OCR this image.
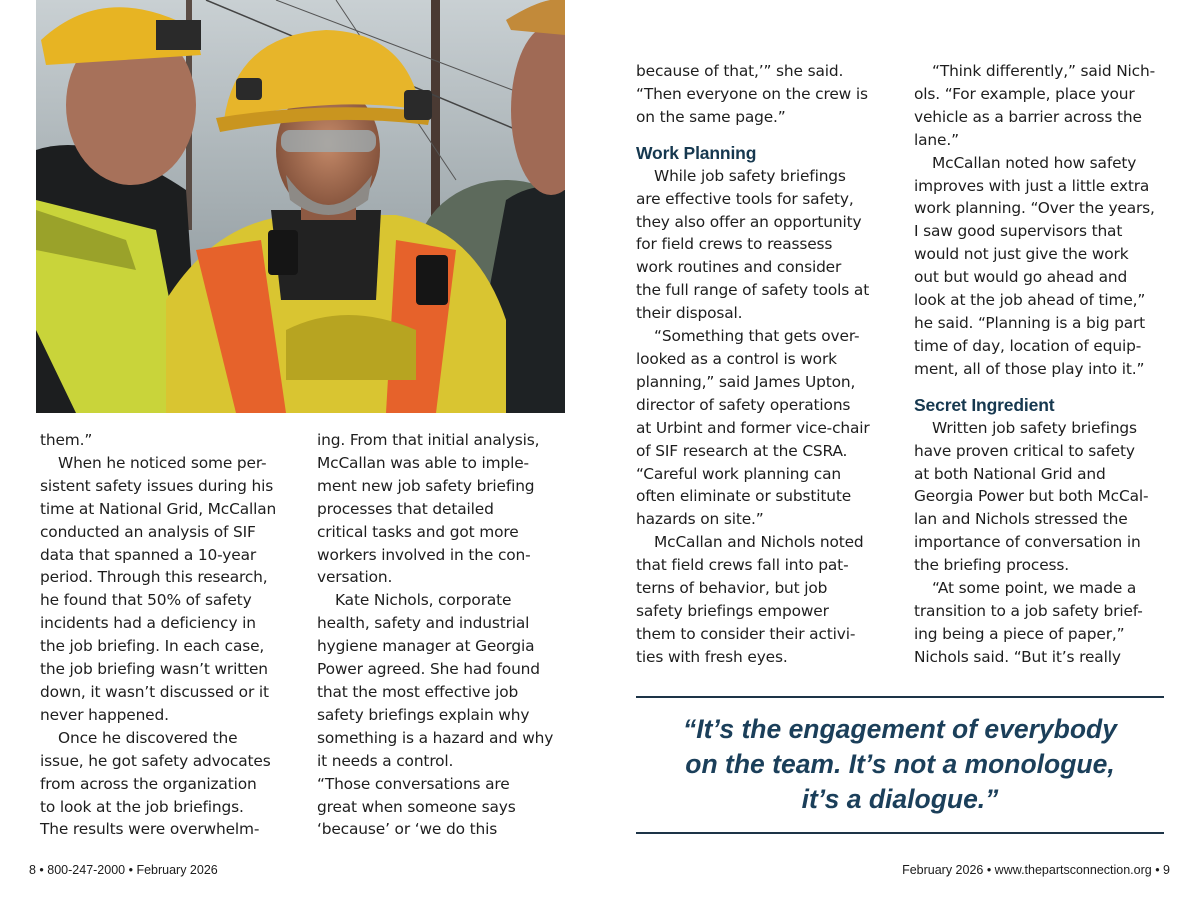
them.”

When he noticed some per-

sistent safety issues during his

time at National Grid, McCallan

conducted an analysis of SIF

data that spanned a 10-year

period. Through this research,

he found that 50% of safety

incidents had a deficiency in

the job briefing. In each case,

the job briefing wasn’t written

down, it wasn’t discussed or it

never happened.

Once he discovered the

issue, he got safety advocates

from across the organization

to look at the job briefings.

The results were overwhelm-

ing. From that initial analysis,

McCallan was able to imple-

ment new job safety briefing

processes that detailed

critical tasks and got more

workers involved in the con-

versation.

Kate Nichols, corporate

health, safety and industrial

hygiene manager at Georgia

Power agreed. She had found

that the most effective job

safety briefings explain why

something is a hazard and why

it needs a control.

“Those conversations are

great when someone says

‘because’ or ‘we do this

because of that,’” she said.

“Then everyone on the crew is

on the same page.”

Work Planning

While job safety briefings

are effective tools for safety,

they also offer an opportunity

for field crews to reassess

work routines and consider

the full range of safety tools at

their disposal.

“Something that gets over-

looked as a control is work

planning,” said James Upton,

director of safety operations

at Urbint and former vice-chair

of SIF research at the CSRA.

“Careful work planning can

often eliminate or substitute

hazards on site.”

McCallan and Nichols noted

that field crews fall into pat-

terns of behavior, but job

safety briefings empower

them to consider their activi-

ties with fresh eyes.

“Think differently,” said Nich-

ols. “For example, place your

vehicle as a barrier across the

lane.”

McCallan noted how safety

improves with just a little extra

work planning. “Over the years,

I saw good supervisors that

would not just give the work

out but would go ahead and

look at the job ahead of time,”

he said. “Planning is a big part

time of day, location of equip-

ment, all of those play into it.”

Secret Ingredient

Written job safety briefings

have proven critical to safety

at both National Grid and

Georgia Power but both McCal-

lan and Nichols stressed the

importance of conversation in

the briefing process.

“At some point, we made a

transition to a job safety brief-

ing being a piece of paper,”

Nichols said. “But it’s really

“It’s the engagement of everybody
on the team. It’s not a monologue,
it’s a dialogue.”
8 • 800-247-2000 • February 2026	February 2026 • www.thepartsconnection.org • 9
